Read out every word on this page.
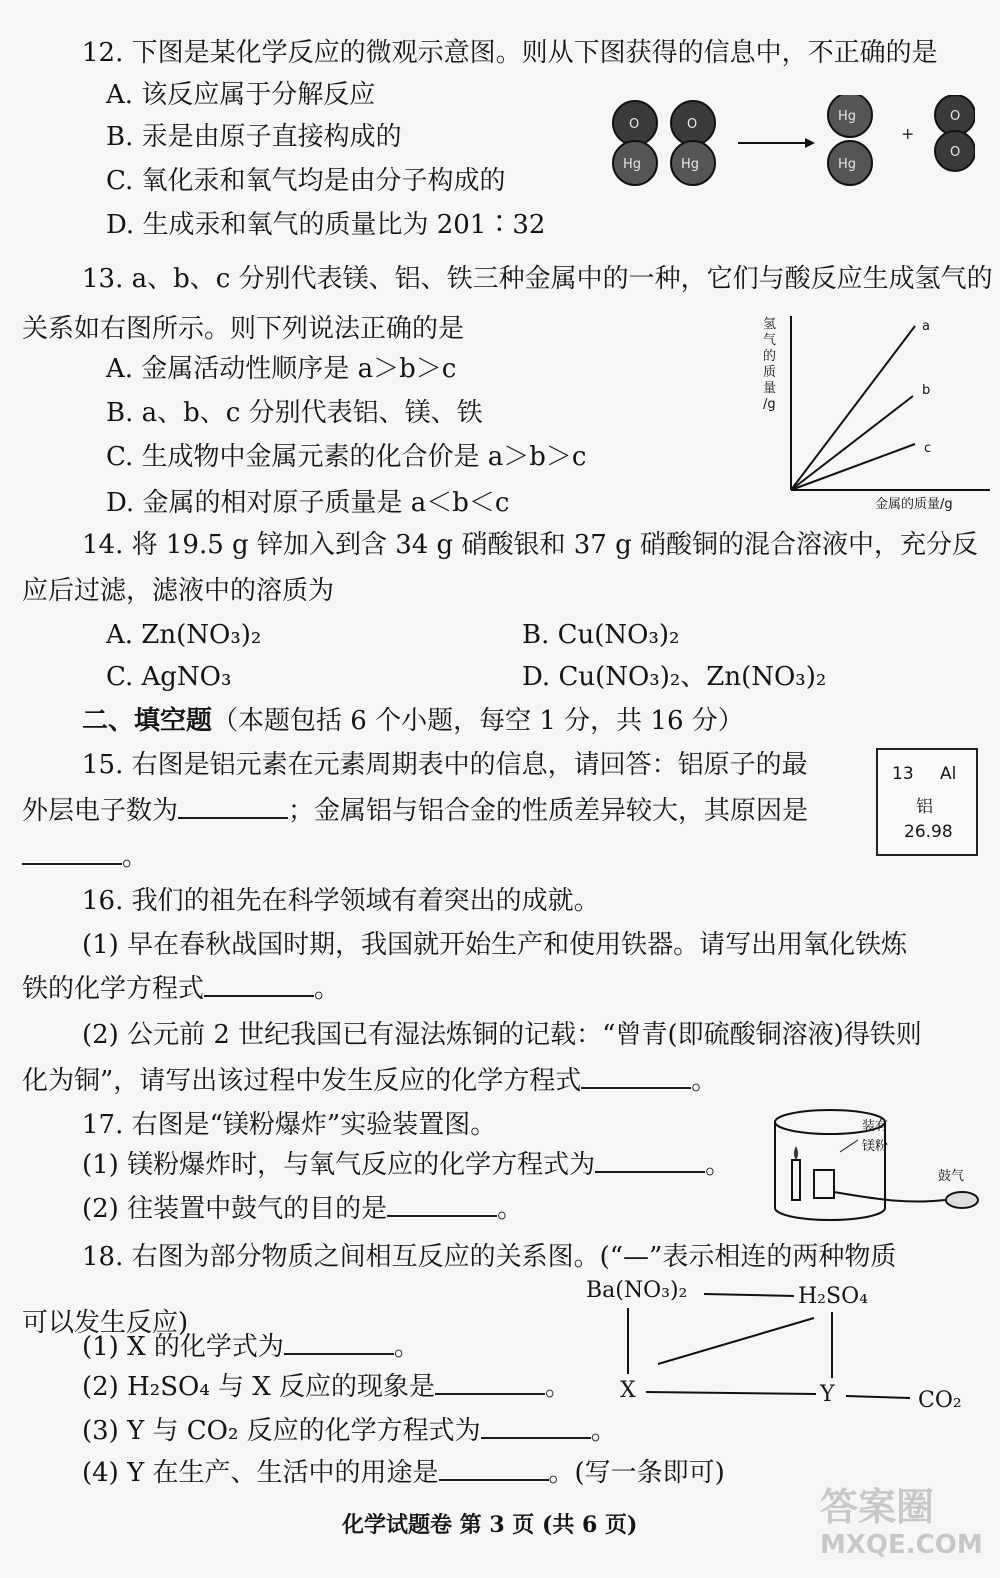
12. 下图是某化学反应的微观示意图。则从下图获得的信息中，不正确的是
A. 该反应属于分解反应
B. 汞是由原子直接构成的
C. 氧化汞和氧气均是由分子构成的
D. 生成汞和氧气的质量比为 201∶32
O
Hg
O
Hg
Hg
Hg
+
O
O
13. a、b、c 分别代表镁、铝、铁三种金属中的一种，它们与酸反应生成氢气的
关系如右图所示。则下列说法正确的是
A. 金属活动性顺序是 a＞b＞c
B. a、b、c 分别代表铝、镁、铁
C. 生成物中金属元素的化合价是 a＞b＞c
D. 金属的相对原子质量是 a＜b＜c
氢
气
的
质
量
/g
a
b
c
金属的质量/g
14. 将 19.5 g 锌加入到含 34 g 硝酸银和 37 g 硝酸铜的混合溶液中，充分反
应后过滤，滤液中的溶质为
A. Zn(NO₃)₂	B. Cu(NO₃)₂
C. AgNO₃	D. Cu(NO₃)₂、Zn(NO₃)₂
二、填空题（本题包括 6 个小题，每空 1 分，共 16 分）
15. 右图是铝元素在元素周期表中的信息，请回答：铝原子的最
外层电子数为	；金属铝与铝合金的性质差异较大，其原因是
。
13 Al
铝
26.98
16. 我们的祖先在科学领域有着突出的成就。
(1) 早在春秋战国时期，我国就开始生产和使用铁器。请写出用氧化铁炼
铁的化学方程式	。
(2) 公元前 2 世纪我国已有湿法炼铜的记载：“曾青(即硫酸铜溶液)得铁则
化为铜”，请写出该过程中发生反应的化学方程式	。
17. 右图是“镁粉爆炸”实验装置图。
(1) 镁粉爆炸时，与氧气反应的化学方程式为	。
(2) 往装置中鼓气的目的是	。
装有
镁粉
鼓气
18. 右图为部分物质之间相互反应的关系图。(“—”表示相连的两种物质
可以发生反应)
(1) X 的化学式为	。
(2) H₂SO₄ 与 X 反应的现象是	。
(3) Y 与 CO₂ 反应的化学方程式为	。
(4) Y 在生产、生活中的用途是	。(写一条即可)
Ba(NO₃)₂	H₂SO₄
X	Y	CO₂
化学试题卷 第 3 页 (共 6 页)	答案圈
MXQE.COM
